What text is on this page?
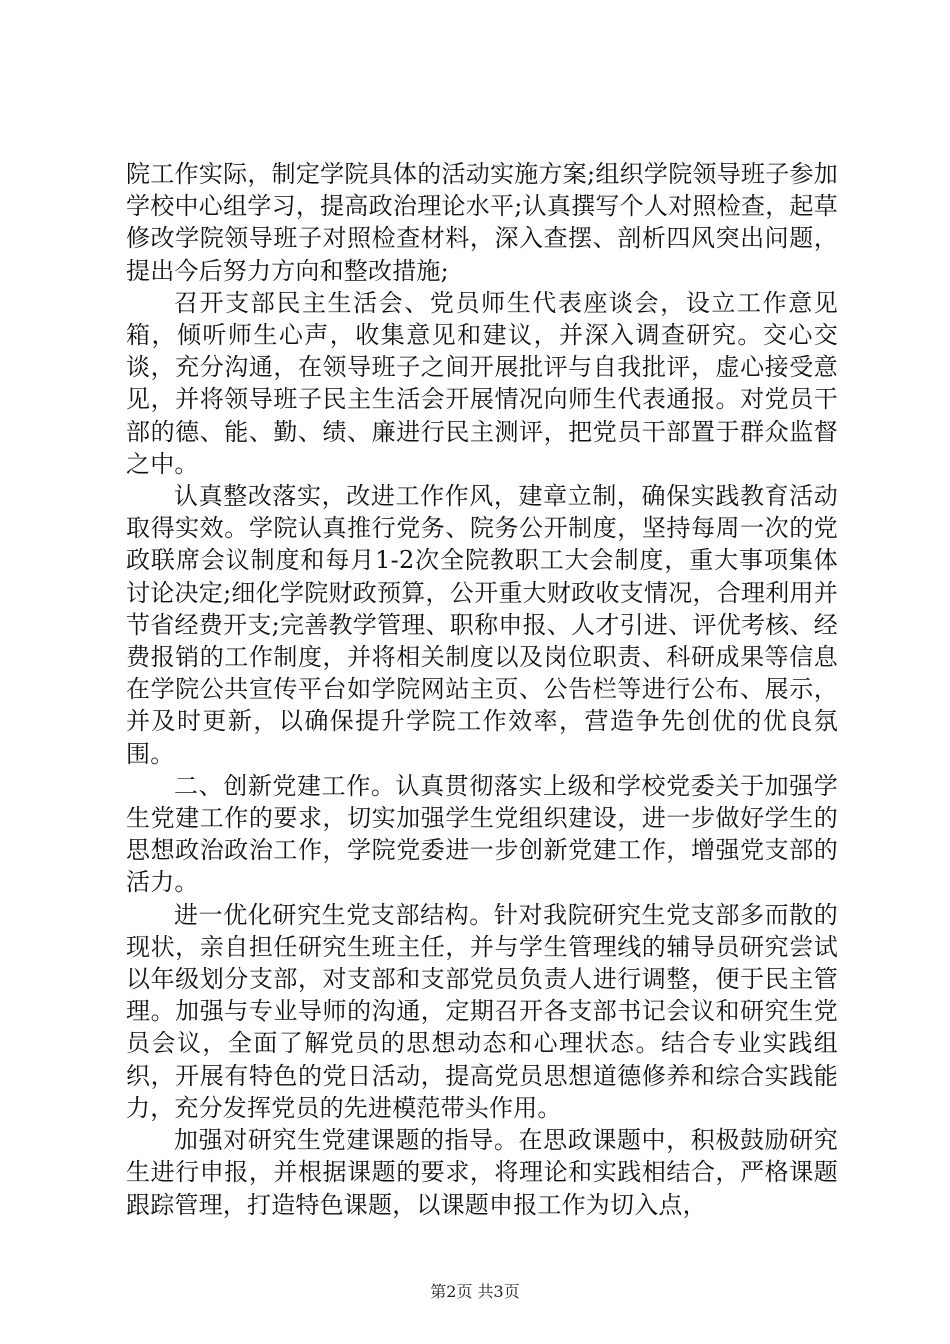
院工作实际，制定学院具体的活动实施方案;组织学院领导班子参加学校中心组学习，提高政治理论水平;认真撰写个人对照检查，起草修改学院领导班子对照检查材料，深入查摆、剖析四风突出问题，提出今后努力方向和整改措施;

召开支部民主生活会、党员师生代表座谈会，设立工作意见箱，倾听师生心声，收集意见和建议，并深入调查研究。交心交谈，充分沟通，在领导班子之间开展批评与自我批评，虚心接受意见，并将领导班子民主生活会开展情况向师生代表通报。对党员干部的德、能、勤、绩、廉进行民主测评，把党员干部置于群众监督之中。

认真整改落实，改进工作作风，建章立制，确保实践教育活动取得实效。学院认真推行党务、院务公开制度，坚持每周一次的党政联席会议制度和每月1-2次全院教职工大会制度，重大事项集体讨论决定;细化学院财政预算，公开重大财政收支情况，合理利用并节省经费开支;完善教学管理、职称申报、人才引进、评优考核、经费报销的工作制度，并将相关制度以及岗位职责、科研成果等信息在学院公共宣传平台如学院网站主页、公告栏等进行公布、展示，并及时更新，以确保提升学院工作效率，营造争先创优的优良氛围。

二、创新党建工作。认真贯彻落实上级和学校党委关于加强学生党建工作的要求，切实加强学生党组织建设，进一步做好学生的思想政治政治工作，学院党委进一步创新党建工作，增强党支部的活力。

进一优化研究生党支部结构。针对我院研究生党支部多而散的现状，亲自担任研究生班主任，并与学生管理线的辅导员研究尝试以年级划分支部，对支部和支部党员负责人进行调整，便于民主管理。加强与专业导师的沟通，定期召开各支部书记会议和研究生党员会议，全面了解党员的思想动态和心理状态。结合专业实践组织，开展有特色的党日活动，提高党员思想道德修养和综合实践能力，充分发挥党员的先进模范带头作用。

加强对研究生党建课题的指导。在思政课题中，积极鼓励研究生进行申报，并根据课题的要求，将理论和实践相结合，严格课题跟踪管理，打造特色课题，以课题申报工作为切入点，

第2页 共3页
